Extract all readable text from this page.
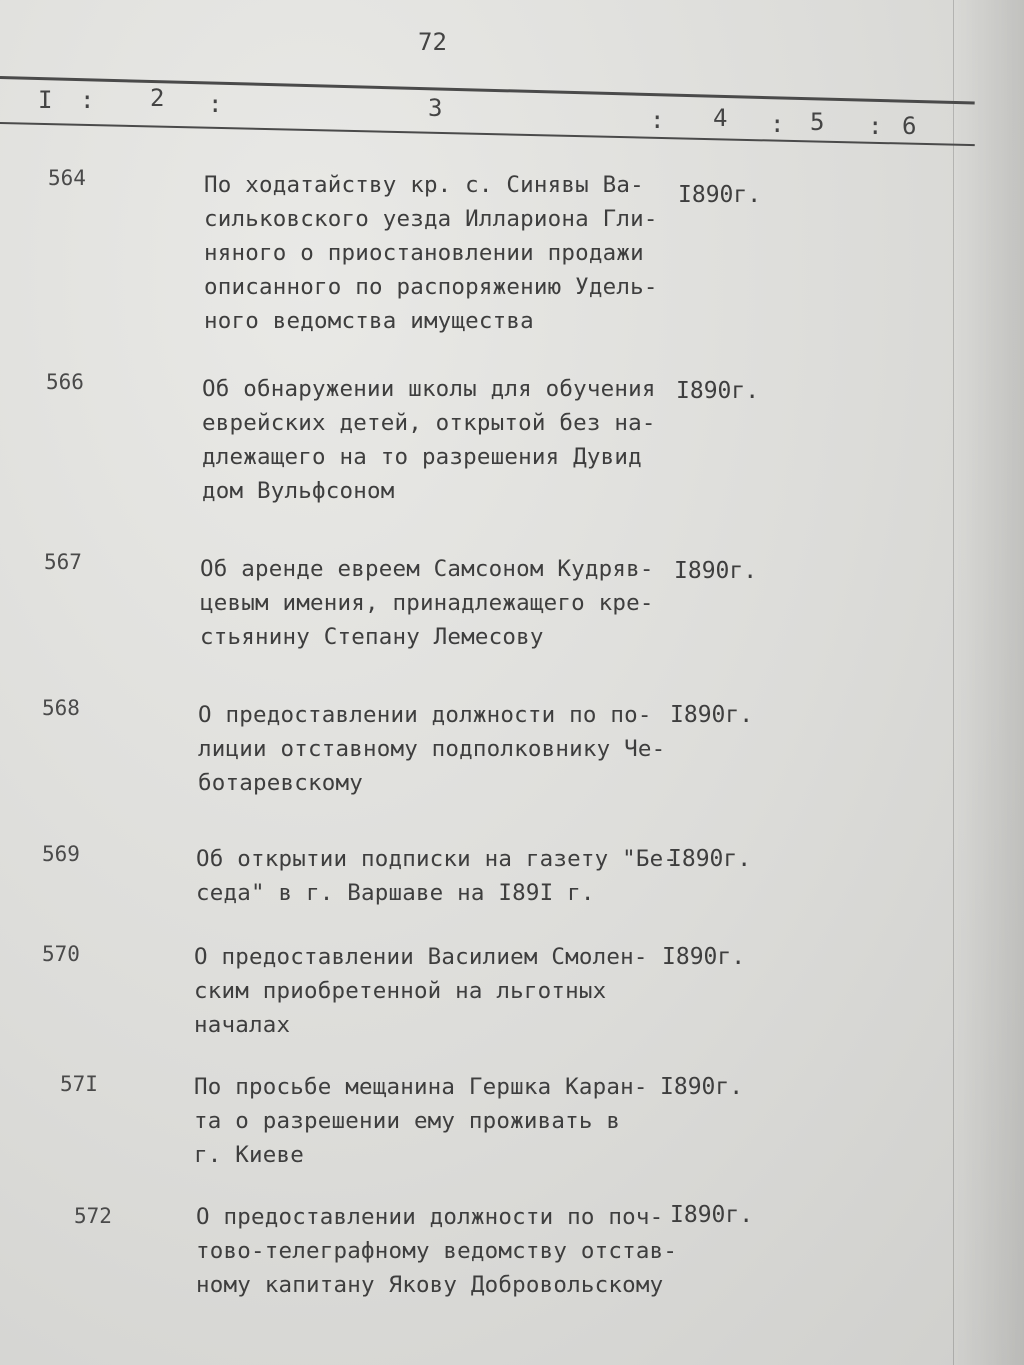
72
I : 2 :	3	: 4 : 5 : 6
564	По ходатайству кр. с. Синявы Ва-
сильковского уезда Иллариона Гли-
няного о приостановлении продажи
описанного по распоряжению Удель-
ного ведомства имущества
I890г.
566	Об обнаружении школы для обучения
еврейских детей, открытой без на-
длежащего на то разрешения Дувид
дом Вульфсоном
I890г.
567	Об аренде евреем Самсоном Кудряв-
цевым имения, принадлежащего кре-
стьянину Степану Лемесову
I890г.
568	О предоставлении должности по по-
лиции отставному подполковнику Че-
ботаревскому
I890г.
569	Об открытии подписки на газету "Бе-
седа" в г. Варшаве на I89I г.
I890г.
570	О предоставлении Василием Смолен-
ским приобретенной на льготных
началах
I890г.
57I	По просьбе мещанина Гершка Каран-
та о разрешении ему проживать в
г. Киеве
I890г.
572	О предоставлении должности по поч-
тово-телеграфному ведомству отстав-
ному капитану Якову Добровольскому
I890г.
